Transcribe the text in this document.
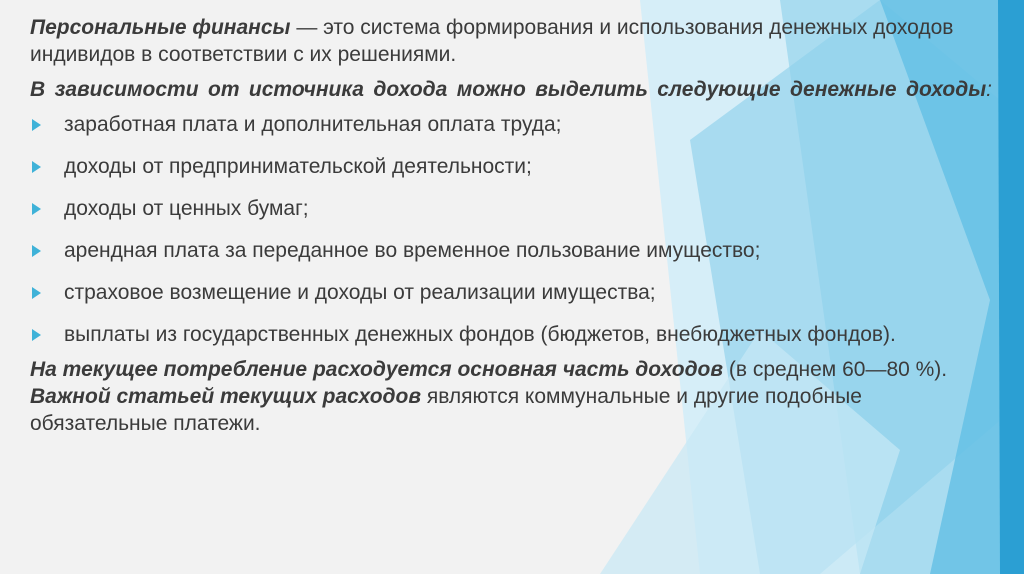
Персональные финансы — это система формирования и использования денежных доходов индивидов в соответствии с их решениями.

В зависимости от источника дохода можно выделить следующие денежные доходы:

заработная плата и дополнительная оплата труда;
доходы от предпринимательской деятельности;
доходы от ценных бумаг;
арендная плата за переданное во временное пользование имущество;
страховое возмещение и доходы от реализации имущества;
выплаты из государственных денежных фондов (бюджетов, внебюджетных фондов).

На текущее потребление расходуется основная часть доходов (в среднем 60—80 %). Важной статьей текущих расходов являются коммунальные и другие подобные обязательные платежи.
